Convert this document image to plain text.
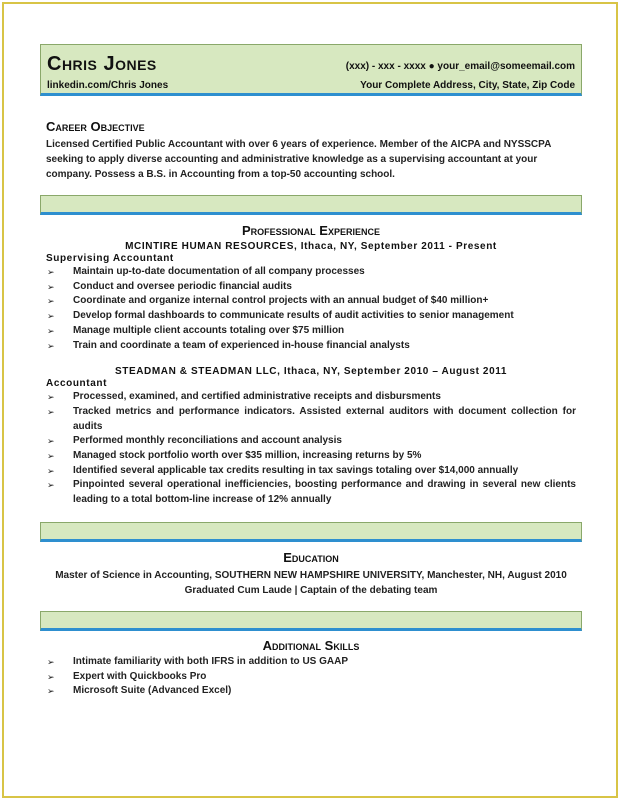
Chris Jones	(xxx) - xxx - xxxx ● your_email@someemail.com
linkedin.com/Chris Jones	Your Complete Address, City, State, Zip Code
Career Objective
Licensed Certified Public Accountant with over 6 years of experience. Member of the AICPA and NYSSCPA seeking to apply diverse accounting and administrative knowledge as a supervising accountant at your company. Possess a B.S. in Accounting from a top-50 accounting school.
Professional Experience
MCINTIRE HUMAN RESOURCES, Ithaca, NY, September 2011 - Present
Supervising Accountant
➢ Maintain up-to-date documentation of all company processes
➢ Conduct and oversee periodic financial audits
➢ Coordinate and organize internal control projects with an annual budget of $40 million+
➢ Develop formal dashboards to communicate results of audit activities to senior management
➢ Manage multiple client accounts totaling over $75 million
➢ Train and coordinate a team of experienced in-house financial analysts
STEADMAN & STEADMAN LLC, Ithaca, NY, September 2010 – August 2011
Accountant
➢ Processed, examined, and certified administrative receipts and disbursments
➢ Tracked metrics and performance indicators. Assisted external auditors with document collection for audits
➢ Performed monthly reconciliations and account analysis
➢ Managed stock portfolio worth over $35 million, increasing returns by 5%
➢ Identified several applicable tax credits resulting in tax savings totaling over $14,000 annually
➢ Pinpointed several operational inefficiencies, boosting performance and drawing in several new clients leading to a total bottom-line increase of 12% annually
Education
Master of Science in Accounting, SOUTHERN NEW HAMPSHIRE UNIVERSITY, Manchester, NH, August 2010
Graduated Cum Laude | Captain of the debating team
Additional Skills
➢ Intimate familiarity with both IFRS in addition to US GAAP
➢ Expert with Quickbooks Pro
➢ Microsoft Suite (Advanced Excel)
